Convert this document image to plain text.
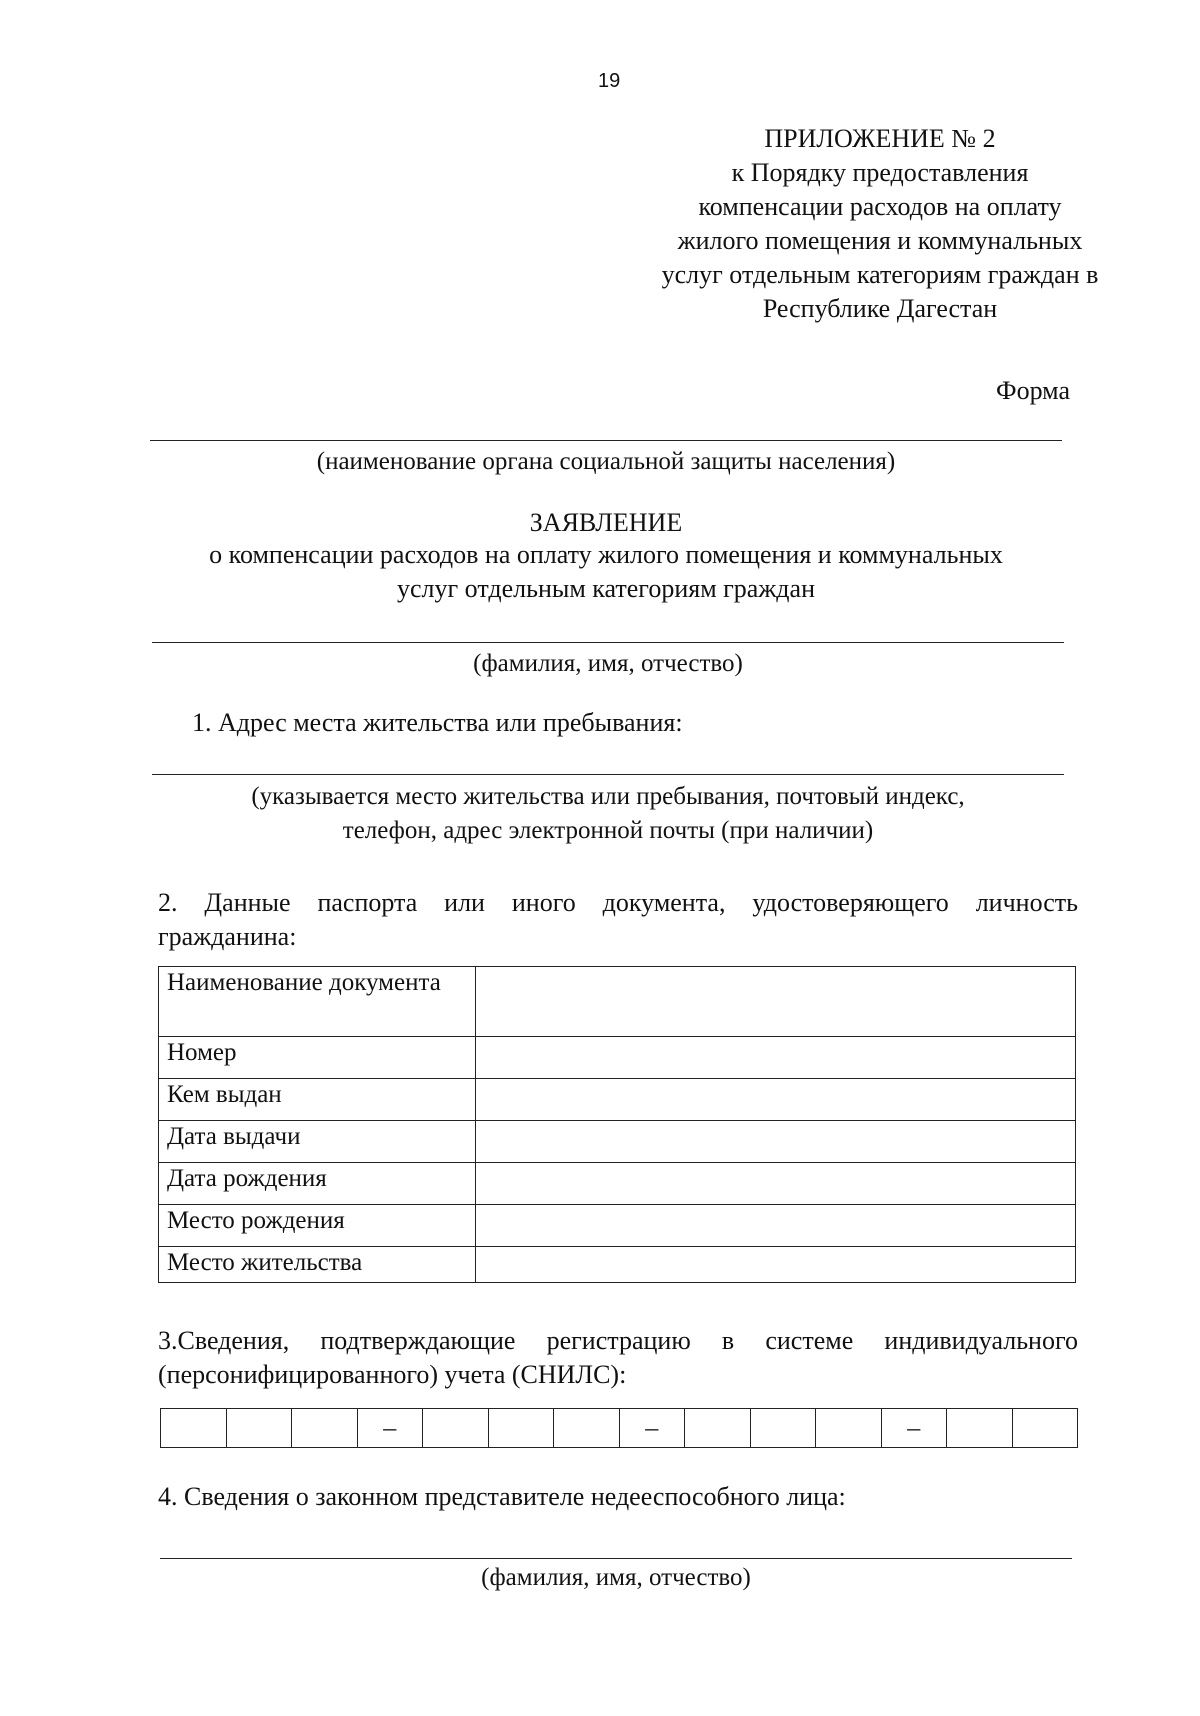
19
ПРИЛОЖЕНИЕ № 2
к Порядку предоставления
компенсации расходов на оплату
жилого помещения и коммунальных
услуг отдельным категориям граждан в
Республике Дагестан
Форма
(наименование органа социальной защиты населения)
ЗАЯВЛЕНИЕ
о компенсации расходов на оплату жилого помещения и коммунальных
услуг отдельным категориям граждан
(фамилия, имя, отчество)
1. Адрес места жительства или пребывания:
(указывается место жительства или пребывания, почтовый индекс,
телефон, адрес электронной почты (при наличии)
2. Данные паспорта или иного документа, удостоверяющего личность
гражданина:
Наименование документа	
Номер	
Кем выдан	
Дата выдачи	
Дата рождения	
Место рождения	
Место жительства	
3.Сведения, подтверждающие регистрацию в системе индивидуального
(персонифицированного) учета (СНИЛС):
			–				–				–		
4. Сведения о законном представителе недееспособного лица:
(фамилия, имя, отчество)
